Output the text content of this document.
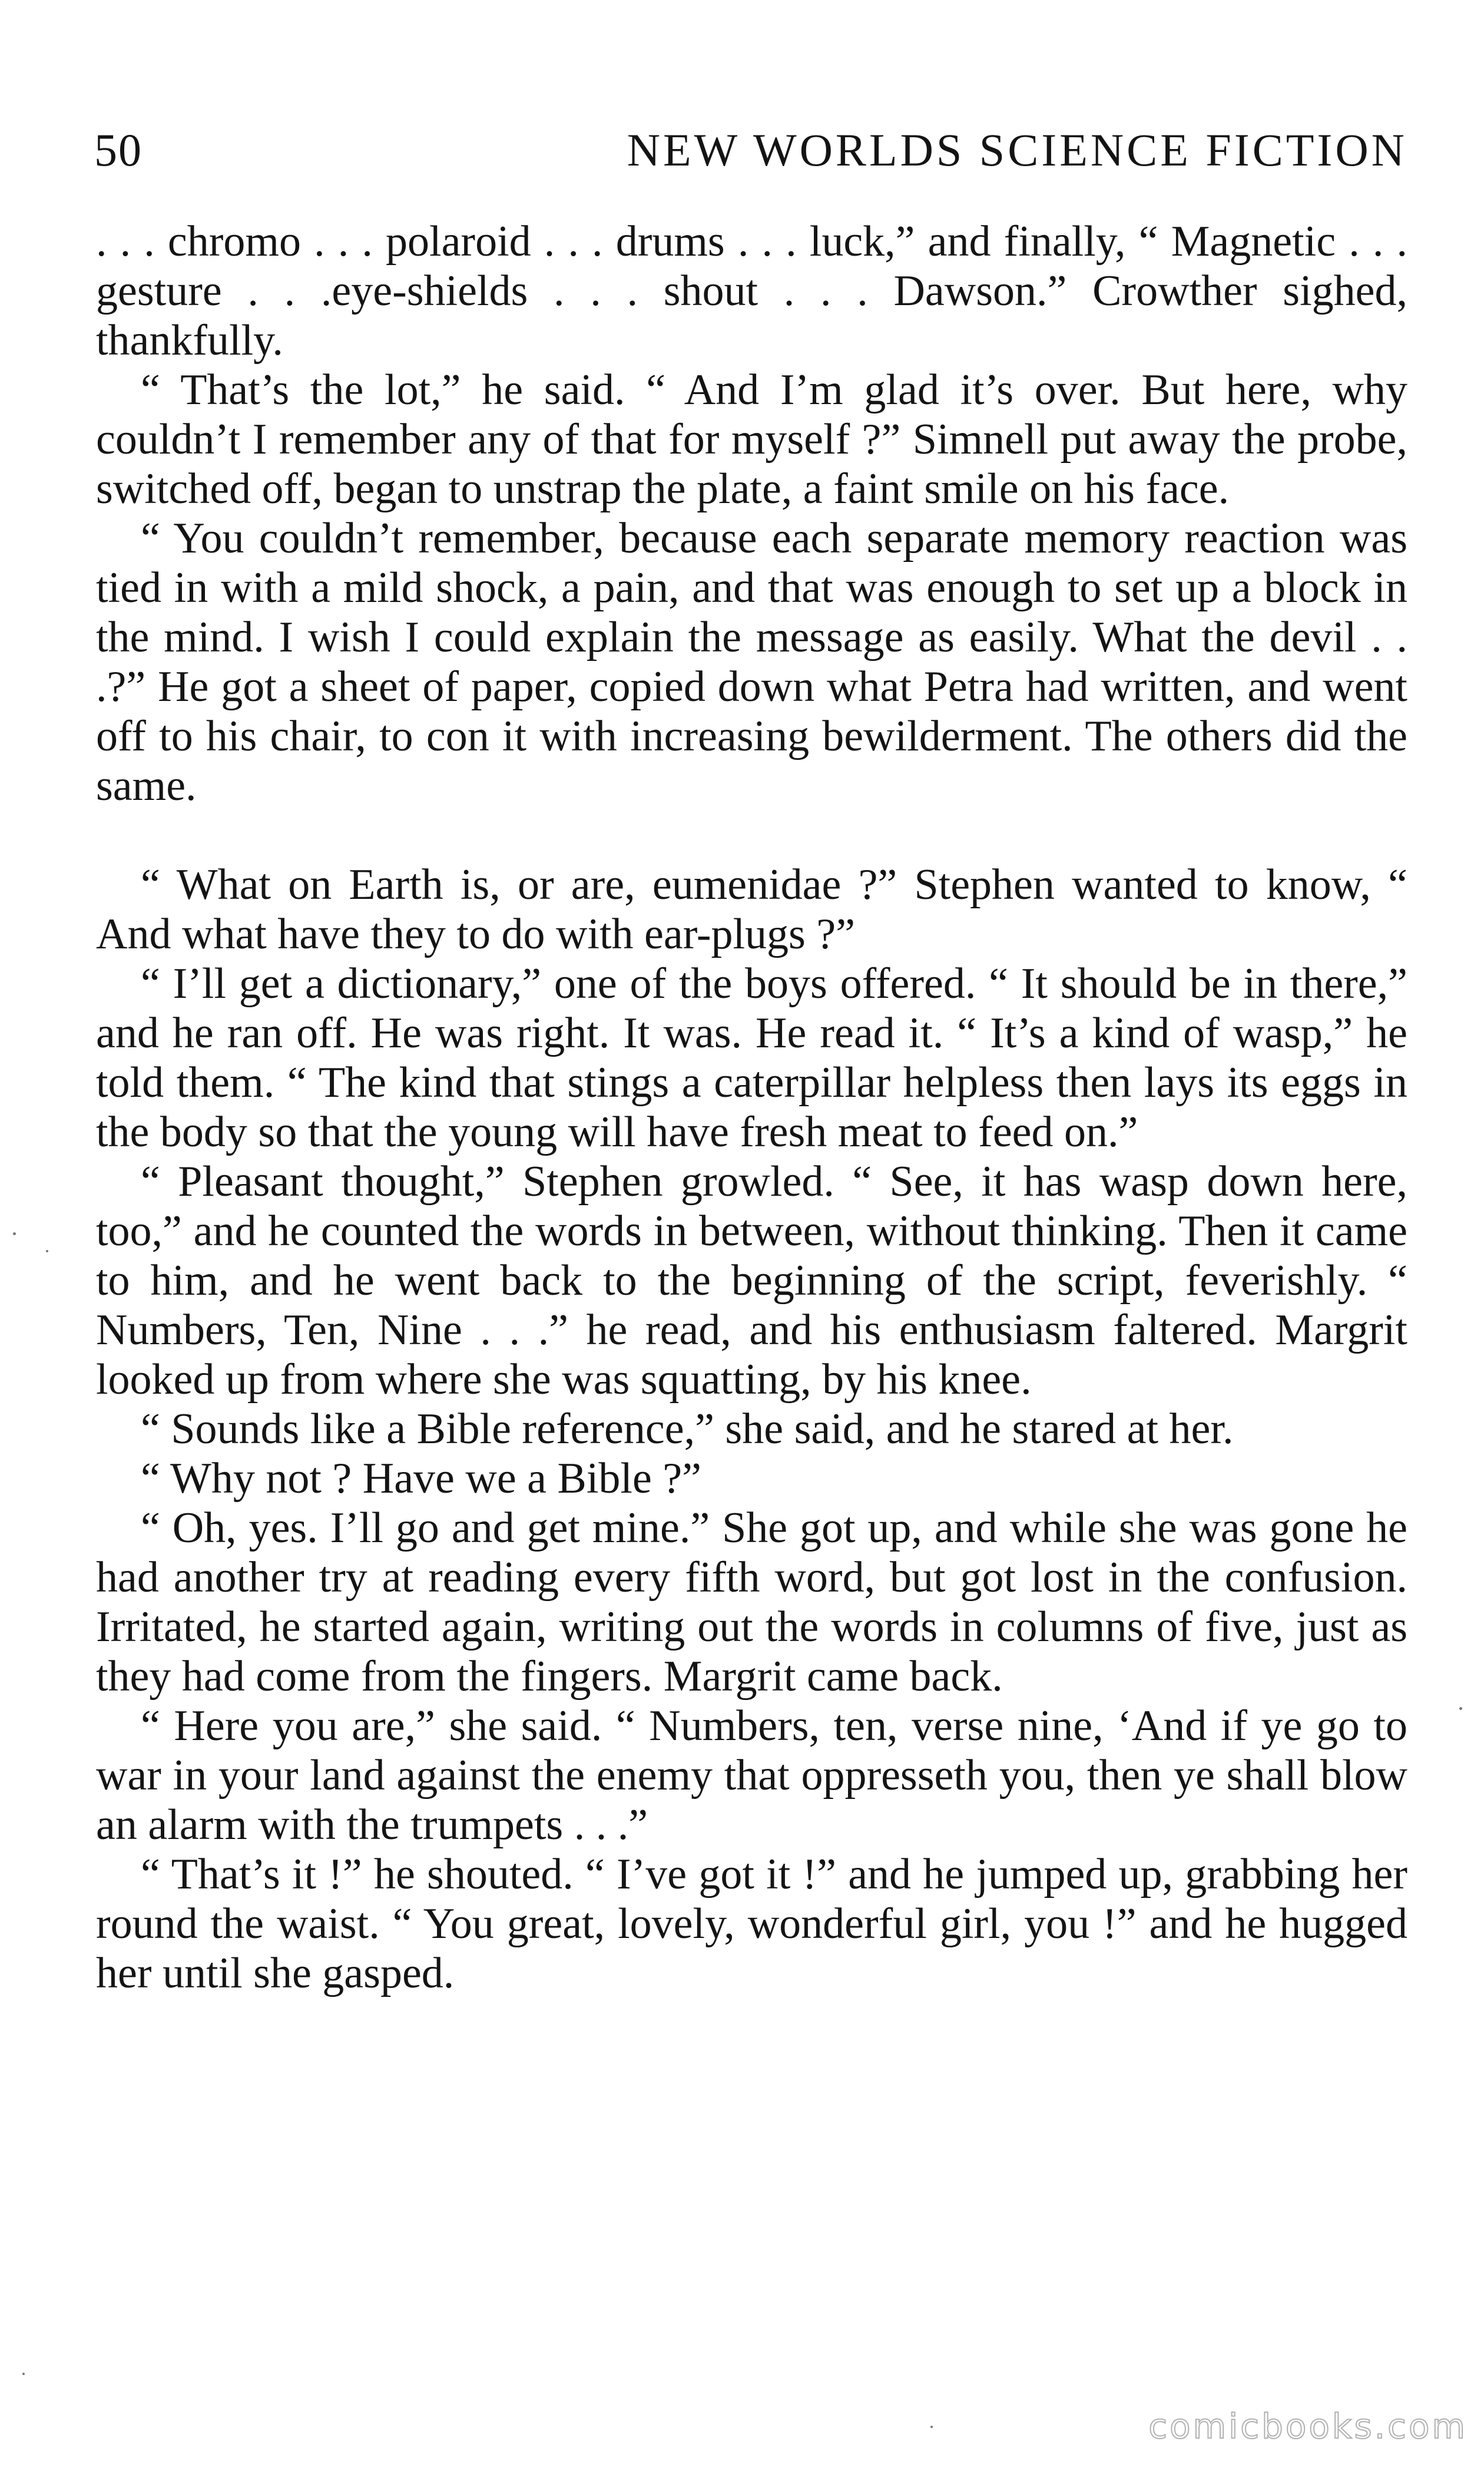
50	NEW WORLDS SCIENCE FICTION

. . . chromo . . . polaroid . . . drums . . . luck,” and finally, “ Magnetic . . . gesture . . .eye-shields . . . shout . . . Dawson.” Crowther sighed, thankfully.

“ That’s the lot,” he said. “ And I’m glad it’s over. But here, why couldn’t I remember any of that for myself ?” Simnell put away the probe, switched off, began to unstrap the plate, a faint smile on his face.

“ You couldn’t remember, because each separate memory reaction was tied in with a mild shock, a pain, and that was enough to set up a block in the mind. I wish I could explain the message as easily. What the devil . . .?” He got a sheet of paper, copied down what Petra had written, and went off to his chair, to con it with increasing bewilderment. The others did the same.

“ What on Earth is, or are, eumenidae ?” Stephen wanted to know, “ And what have they to do with ear-plugs ?”

“ I’ll get a dictionary,” one of the boys offered. “ It should be in there,” and he ran off. He was right. It was. He read it. “ It’s a kind of wasp,” he told them. “ The kind that stings a caterpillar helpless then lays its eggs in the body so that the young will have fresh meat to feed on.”

“ Pleasant thought,” Stephen growled. “ See, it has wasp down here, too,” and he counted the words in between, without thinking. Then it came to him, and he went back to the beginning of the script, feverishly. “ Numbers, Ten, Nine . . .” he read, and his enthusiasm faltered. Margrit looked up from where she was squatting, by his knee.

“ Sounds like a Bible reference,” she said, and he stared at her.

“ Why not ? Have we a Bible ?”

“ Oh, yes. I’ll go and get mine.” She got up, and while she was gone he had another try at reading every fifth word, but got lost in the confusion. Irritated, he started again, writing out the words in columns of five, just as they had come from the fingers. Margrit came back.

“ Here you are,” she said. “ Numbers, ten, verse nine, ‘And if ye go to war in your land against the enemy that oppresseth you, then ye shall blow an alarm with the trumpets . . .”

“ That’s it !” he shouted. “ I’ve got it !” and he jumped up, grabbing her round the waist. “ You great, lovely, wonderful girl, you !” and he hugged her until she gasped.

comicbooks.com
